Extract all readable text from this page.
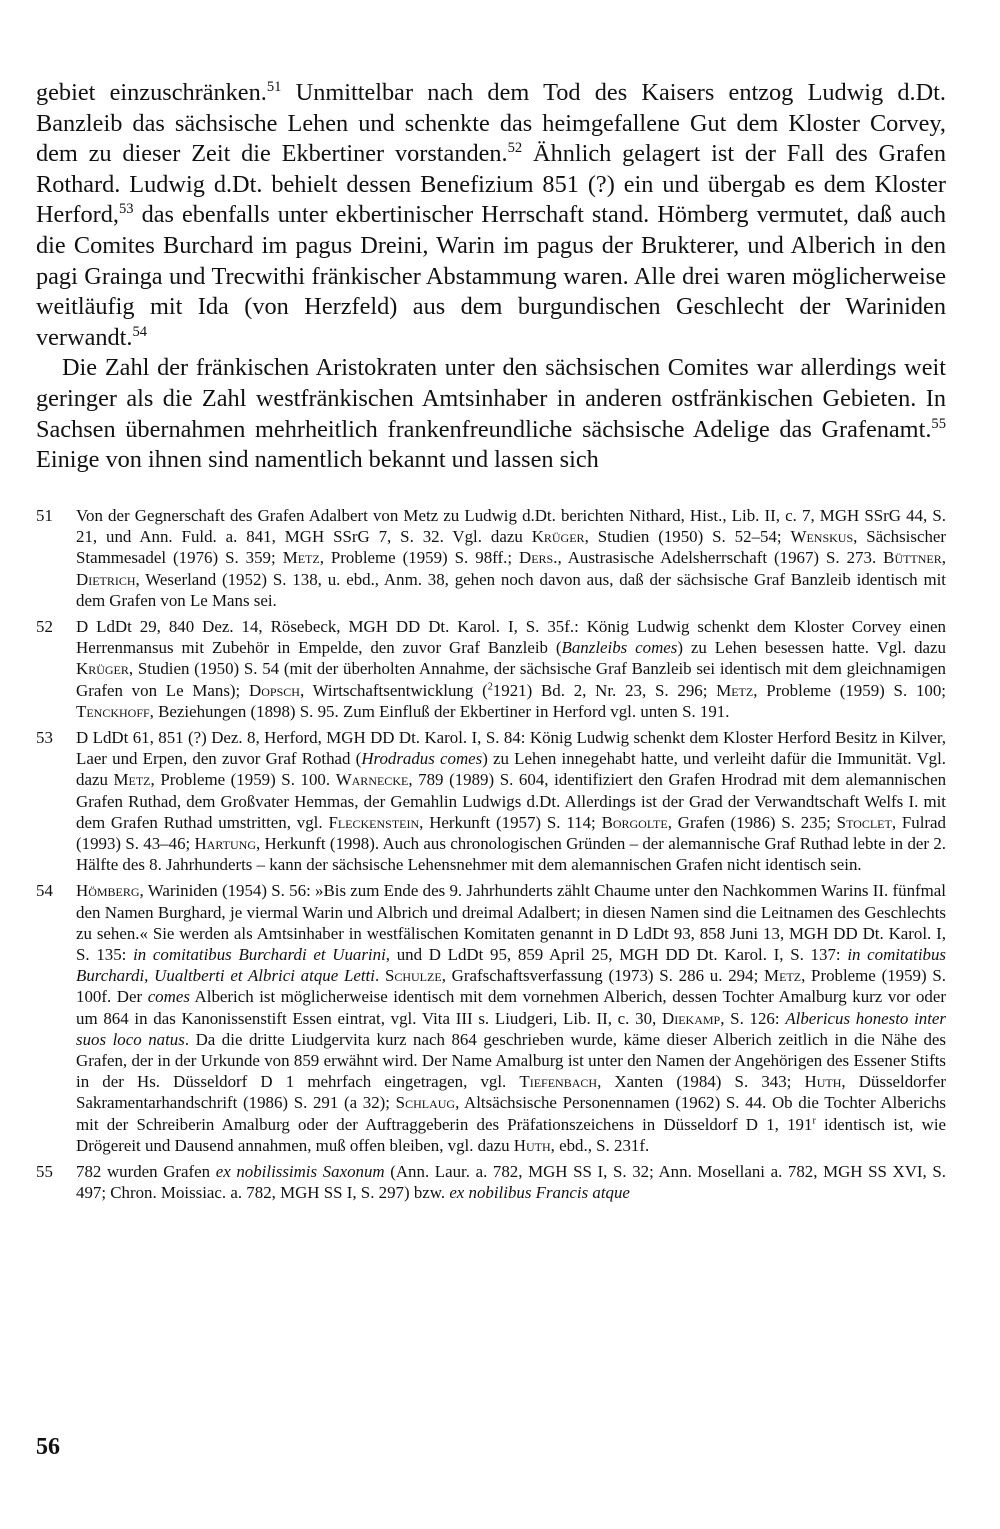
gebiet einzuschränken.$^{51}$ Unmittelbar nach dem Tod des Kaisers entzog Ludwig d.Dt. Banzleib das sächsische Lehen und schenkte das heimgefallene Gut dem Kloster Corvey, dem zu dieser Zeit die Ekbertiner vorstanden.$^{52}$ Ähnlich gelagert ist der Fall des Grafen Rothard. Ludwig d.Dt. behielt dessen Benefizium 851 (?) ein und übergab es dem Kloster Herford,$^{53}$ das ebenfalls unter ekbertinischer Herrschaft stand. Hömberg vermutet, daß auch die Comites Burchard im pagus Dreini, Warin im pagus der Brukterer, und Alberich in den pagi Grainga und Trecwithi fränkischer Abstammung waren. Alle drei waren möglicherweise weitläufig mit Ida (von Herzfeld) aus dem burgundischen Geschlecht der Wariniden verwandt.$^{54}$

Die Zahl der fränkischen Aristokraten unter den sächsischen Comites war allerdings weit geringer als die Zahl westfränkischen Amtsinhaber in anderen ostfränkischen Gebieten. In Sachsen übernahmen mehrheitlich frankenfreundliche sächsische Adelige das Grafenamt.$^{55}$ Einige von ihnen sind namentlich bekannt und lassen sich

51 Von der Gegnerschaft des Grafen Adalbert von Metz zu Ludwig d.Dt. berichten Nithard, Hist., Lib. II, c. 7, MGH SSrG 44, S. 21, und Ann. Fuld. a. 841, MGH SSrG 7, S. 32. Vgl. dazu Krüger, Studien (1950) S. 52–54; Wenskus, Sächsischer Stammesadel (1976) S. 359; Metz, Probleme (1959) S. 98ff.; Ders., Austrasische Adelsherrschaft (1967) S. 273. Büttner, Dietrich, Weserland (1952) S. 138, u. ebd., Anm. 38, gehen noch davon aus, daß der sächsische Graf Banzleib identisch mit dem Grafen von Le Mans sei.
52 D LdDt 29, 840 Dez. 14, Rösebeck, MGH DD Dt. Karol. I, S. 35f.: König Ludwig schenkt dem Kloster Corvey einen Herrenmansus mit Zubehör in Empelde, den zuvor Graf Banzleib (Banzleibs comes) zu Lehen besessen hatte. Vgl. dazu Krüger, Studien (1950) S. 54 (mit der überholten Annahme, der sächsische Graf Banzleib sei identisch mit dem gleichnamigen Grafen von Le Mans); Dopsch, Wirtschaftsentwicklung ($^2$1921) Bd. 2, Nr. 23, S. 296; Metz, Probleme (1959) S. 100; Tenckhoff, Beziehungen (1898) S. 95. Zum Einfluß der Ekbertiner in Herford vgl. unten S. 191.
53 D LdDt 61, 851 (?) Dez. 8, Herford, MGH DD Dt. Karol. I, S. 84: König Ludwig schenkt dem Kloster Herford Besitz in Kilver, Laer und Erpen, den zuvor Graf Rothad (Hrodradus comes) zu Lehen innegehabt hatte, und verleiht dafür die Immunität. Vgl. dazu Metz, Probleme (1959) S. 100. Warnecke, 789 (1989) S. 604, identifiziert den Grafen Hrodrad mit dem alemannischen Grafen Ruthad, dem Großvater Hemmas, der Gemahlin Ludwigs d.Dt. Allerdings ist der Grad der Verwandtschaft Welfs I. mit dem Grafen Ruthad umstritten, vgl. Fleckenstein, Herkunft (1957) S. 114; Borgolte, Grafen (1986) S. 235; Stoclet, Fulrad (1993) S. 43–46; Hartung, Herkunft (1998). Auch aus chronologischen Gründen – der alemannische Graf Ruthad lebte in der 2. Hälfte des 8. Jahrhunderts – kann der sächsische Lehensnehmer mit dem alemannischen Grafen nicht identisch sein.
54 Hömberg, Wariniden (1954) S. 56: »Bis zum Ende des 9. Jahrhunderts zählt Chaume unter den Nachkommen Warins II. fünfmal den Namen Burghard, je viermal Warin und Albrich und dreimal Adalbert; in diesen Namen sind die Leitnamen des Geschlechts zu sehen.« Sie werden als Amtsinhaber in westfälischen Komitaten genannt in D LdDt 93, 858 Juni 13, MGH DD Dt. Karol. I, S. 135: in comitatibus Burchardi et Uuarini, und D LdDt 95, 859 April 25, MGH DD Dt. Karol. I, S. 137: in comitatibus Burchardi, Uualtberti et Albrici atque Letti. Schulze, Grafschaftsverfassung (1973) S. 286 u. 294; Metz, Probleme (1959) S. 100f. Der comes Alberich ist möglicherweise identisch mit dem vornehmen Alberich, dessen Tochter Amalburg kurz vor oder um 864 in das Kanonissenstift Essen eintrat, vgl. Vita III s. Liudgeri, Lib. II, c. 30, Diekamp, S. 126: Albericus honesto inter suos loco natus. Da die dritte Liudgervita kurz nach 864 geschrieben wurde, käme dieser Alberich zeitlich in die Nähe des Grafen, der in der Urkunde von 859 erwähnt wird. Der Name Amalburg ist unter den Namen der Angehörigen des Essener Stifts in der Hs. Düsseldorf D 1 mehrfach eingetragen, vgl. Tiefenbach, Xanten (1984) S. 343; Huth, Düsseldorfer Sakramentarhandschrift (1986) S. 291 (a 32); Schlaug, Altsächsische Personennamen (1962) S. 44. Ob die Tochter Alberichs mit der Schreiberin Amalburg oder der Auftraggeberin des Präfationszeichens in Düsseldorf D 1, 191$^r$ identisch ist, wie Drögereit und Dausend annahmen, muß offen bleiben, vgl. dazu Huth, ebd., S. 231f.
55 782 wurden Grafen ex nobilissimis Saxonum (Ann. Laur. a. 782, MGH SS I, S. 32; Ann. Mosellani a. 782, MGH SS XVI, S. 497; Chron. Moissiac. a. 782, MGH SS I, S. 297) bzw. ex nobilibus Francis atque
56
